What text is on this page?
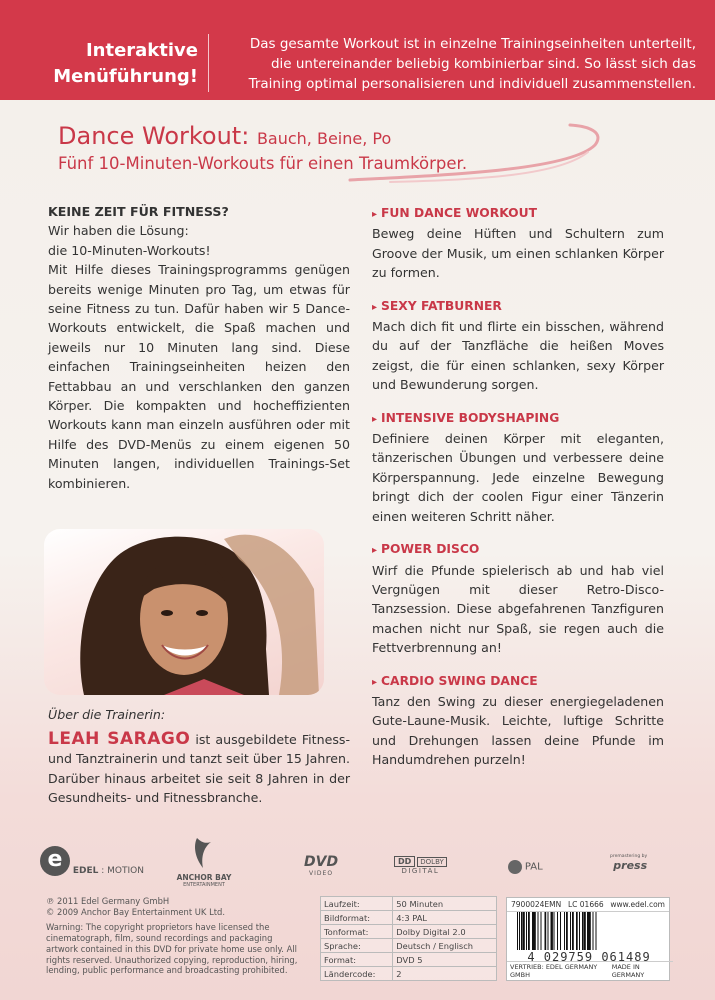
Interaktive
Menüführung!
Das gesamte Workout ist in einzelne Trainingseinheiten unterteilt,
die untereinander beliebig kombinierbar sind. So lässt sich das
Training optimal personalisieren und individuell zusammenstellen.
Dance Workout: Bauch, Beine, Po
Fünf 10-Minuten-Workouts für einen Traumkörper.
KEINE ZEIT FÜR FITNESS?
Wir haben die Lösung:
die 10-Minuten-Workouts!
Mit Hilfe dieses Trainingsprogramms genügen bereits wenige Minuten pro Tag, um etwas für seine Fitness zu tun. Dafür haben wir 5 Dance-Workouts entwickelt, die Spaß machen und jeweils nur 10 Minuten lang sind. Diese einfachen Trainingseinheiten heizen den Fettabbau an und verschlanken den ganzen Körper. Die kompakten und hocheffizienten Workouts kann man einzeln ausführen oder mit Hilfe des DVD-Menüs zu einem eigenen 50 Minuten langen, individuellen Trainings-Set kombinieren.
Über die Trainerin:
LEAH SARAGO ist ausgebildete Fitness- und Tanztrainerin und tanzt seit über 15 Jahren. Darüber hinaus arbeitet sie seit 8 Jahren in der Gesundheits- und Fitnessbranche.
▸ FUN DANCE WORKOUT
Beweg deine Hüften und Schultern zum Groove der Musik, um einen schlanken Körper zu formen.
▸ SEXY FATBURNER
Mach dich fit und flirte ein bisschen, während du auf der Tanzfläche die heißen Moves zeigst, die für einen schlanken, sexy Körper und Bewunderung sorgen.
▸ INTENSIVE BODYSHAPING
Definiere deinen Körper mit eleganten, tänzerischen Übungen und verbessere deine Körperspannung. Jede einzelne Bewegung bringt dich der coolen Figur einer Tänzerin einen weiteren Schritt näher.
▸ POWER DISCO
Wirf die Pfunde spielerisch ab und hab viel Vergnügen mit dieser Retro-Disco-Tanzsession. Diese abgefahrenen Tanzfiguren machen nicht nur Spaß, sie regen auch die Fettverbrennung an!
▸ CARDIO SWING DANCE
Tanz den Swing zu dieser energiegeladenen Gute-Laune-Musik. Leichte, luftige Schritte und Drehungen lassen deine Pfunde im Handumdrehen purzeln!
e EDEL : MOTION
ANCHOR BAY
ENTERTAINMENT
DVD
VIDEO
DD DOLBY
DIGITAL	PAL
premastering by
press
℗ 2011 Edel Germany GmbH
© 2009 Anchor Bay Entertainment UK Ltd.
Warning: The copyright proprietors have licensed the cinematograph, film, sound recordings and packaging artwork contained in this DVD for private home use only. All rights reserved. Unauthorized copying, reproduction, hiring, lending, public performance and broadcasting prohibited.
Laufzeit:	50 Minuten
Bildformat:	4:3 PAL
Tonformat:	Dolby Digital 2.0
Sprache:	Deutsch / Englisch
Format:	DVD 5
Ländercode:	2
7900024EMN LC 01666 www.edel.com
4 029759 061489
VERTRIEB: EDEL GERMANY GMBH
MADE IN GERMANY
